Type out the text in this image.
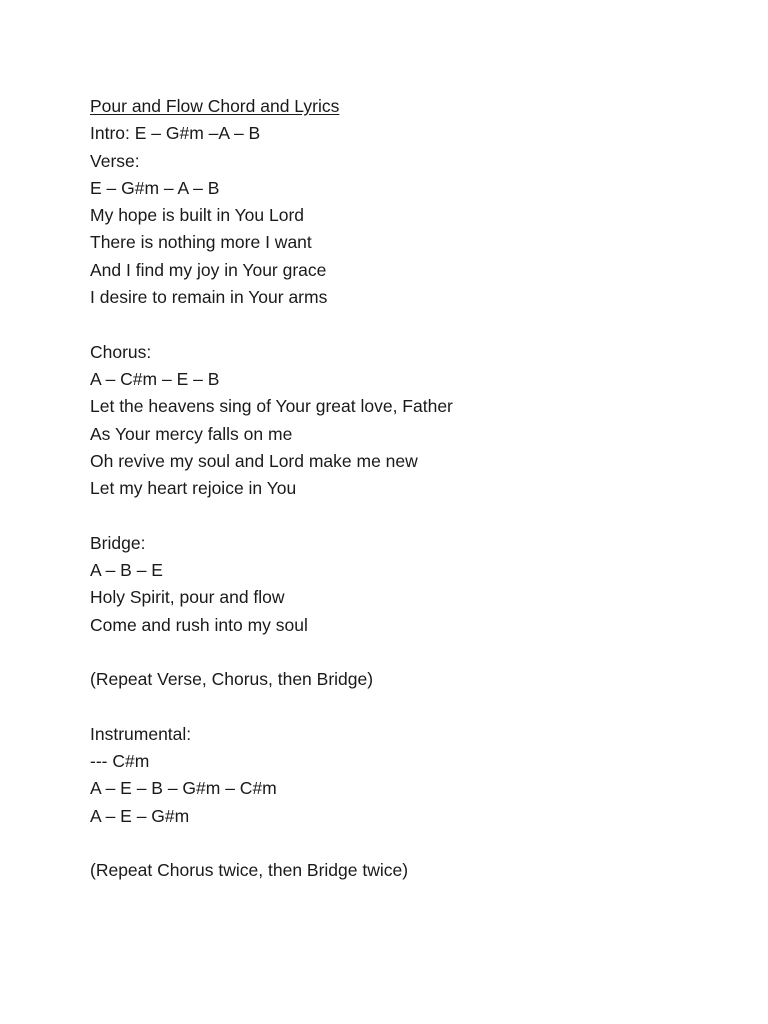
Pour and Flow Chord and Lyrics
Intro: E – G#m –A – B
Verse:
E – G#m – A – B
My hope is built in You Lord
There is nothing more I want
And I find my joy in Your grace
I desire to remain in Your arms
Chorus:
A – C#m – E – B
Let the heavens sing of Your great love, Father
As Your mercy falls on me
Oh revive my soul and Lord make me new
Let my heart rejoice in You
Bridge:
A – B – E
Holy Spirit, pour and flow
Come and rush into my soul
(Repeat Verse, Chorus, then Bridge)
Instrumental:
--- C#m
A – E – B – G#m – C#m
A – E – G#m
(Repeat Chorus twice, then Bridge twice)
